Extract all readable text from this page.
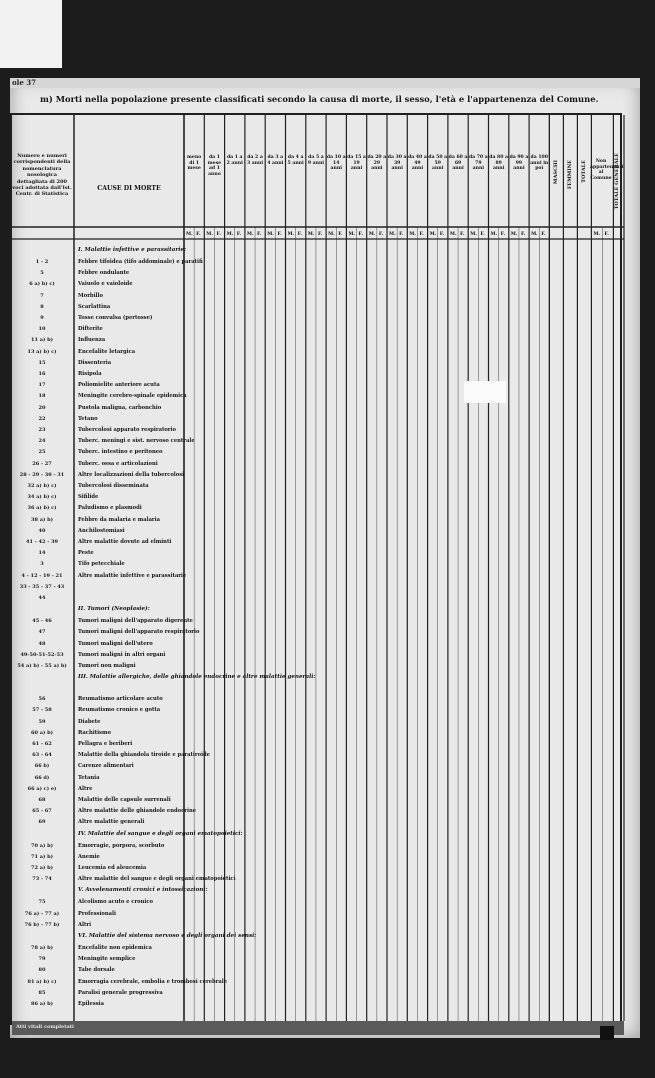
ole 37
m) Morti nella popolazione presente classificati secondo la causa di morte, il sesso, l'età e l'appartenenza del Comune.
Numero e numeri corrispondenti della nomenclatura nosologica dettagliata di 200 voci adottata dall'Ist. Centr. di Statistica
CAUSE DI MORTE
meno di 1 mese
da 1 mese ad 1 anno
da 1 a 2 anni
da 2 a 3 anni
da 3 a 4 anni
da 4 a 5 anni
da 5 a 9 anni
da 10 a 14 anni
da 15 a 19 anni
da 20 a 29 anni
da 30 a 39 anni
da 40 a 49 anni
da 50 a 59 anni
da 60 a 69 anni
da 70 a 79 anni
da 80 a 89 anni
da 90 a 99 anni
da 100 anni in poi	MASCHI FEMMINE TOTALE	Non appartenenti al Comune TOTALE GENERALE
M. F. M. F. M. F. M. F. M. F. M. F. M. F. M. F. M. F. M. F. M. F. M. F. M. F. M. F. M. F. M. F. M. F. M. F.	M. F.
I. Malattie infettive e parassitarie:
1 - 2	Febbre tifoidea (tifo addominale) e paratifi
5	Febbre ondulante
6 a) b) c)	Vaiuolo e vaioloide
7	Morbillo
8	Scarlattina
9	Tosse convulsa (pertosse)
10	Difterite
11 a) b)	Influenza
13 a) b) c)	Encefalite letargica
15	Dissenteria
16	Risipola
17	Poliomielite anteriore acuta
18	Meningite cerebro-spinale epidemica
20	Pustola maligna, carbonchio
22	Tetano
23	Tubercolosi apparato respiratorio
24	Tuberc. meningi e sist. nervoso centrale
25	Tuberc. intestino e peritoneo
26 - 27	Tuberc. ossa e articolazioni
28 - 29 - 30 - 31	Altre localizzazioni della tubercolosi
32 a) b) c)	Tubercolosi disseminata
34 a) b) c)	Sifilide
36 a) b) c)	Paludismo e plasmodi
38 a) b)	Febbre da malaria e malaria
40	Anchilostomiasi
41 - 42 - 39	Altre malattie dovute ad elminti
14	Peste
3	Tifo petecchiale
4 - 12 - 19 - 21	Altre malattie infettive e parassitarie
33 - 35 - 37 - 43
44
II. Tumori (Neoplasie):
45 - 46	Tumori maligni dell'apparato digerente
47	Tumori maligni dell'apparato respiratorio
48	Tumori maligni dell'utero
49-50-51-52-53	Tumori maligni in altri organi
54 a) b) - 55 a) b)	Tumori non maligni
III. Malattie allergiche, delle ghiandole endocrine e altre malattie generali:
56	Reumatismo articolare acuto
57 - 58	Reumatismo cronico e gotta
59	Diabete
60 a) b)	Rachitismo
61 - 62	Pellagra e beriberi
63 - 64	Malattie della ghiandola tiroide e paratiroide
66 b)	Carenze alimentari
66 d)	Tetania
66 a) c) e)	Altre
68	Malattie delle capsule surrenali
65 - 67	Altre malattie delle ghiandole endocrine
69	Altre malattie generali
IV. Malattie del sangue e degli organi ematopoietici:
70 a) b)	Emorragie, porpora, scorbuto
71 a) b)	Anemie
72 a) b)	Leucemia ed aleucemia
73 - 74	Altre malattie del sangue e degli organi ematopoietici
V. Avvelenamenti cronici e intossicazioni:
75	Alcolismo acuto e cronico
76 a) - 77 a)	Professionali
76 b) - 77 b)	Altri
VI. Malattie del sistema nervoso e degli organi dei sensi:
78 a) b)	Encefalite non epidemica
79	Meningite semplice
80	Tabe dorsale
81 a) b) c)	Emorragia cerebrale, embolia e trombosi cerebrale
85	Paralisi generale progressiva
86 a) b)	Epilessia
Atti vitali completati
